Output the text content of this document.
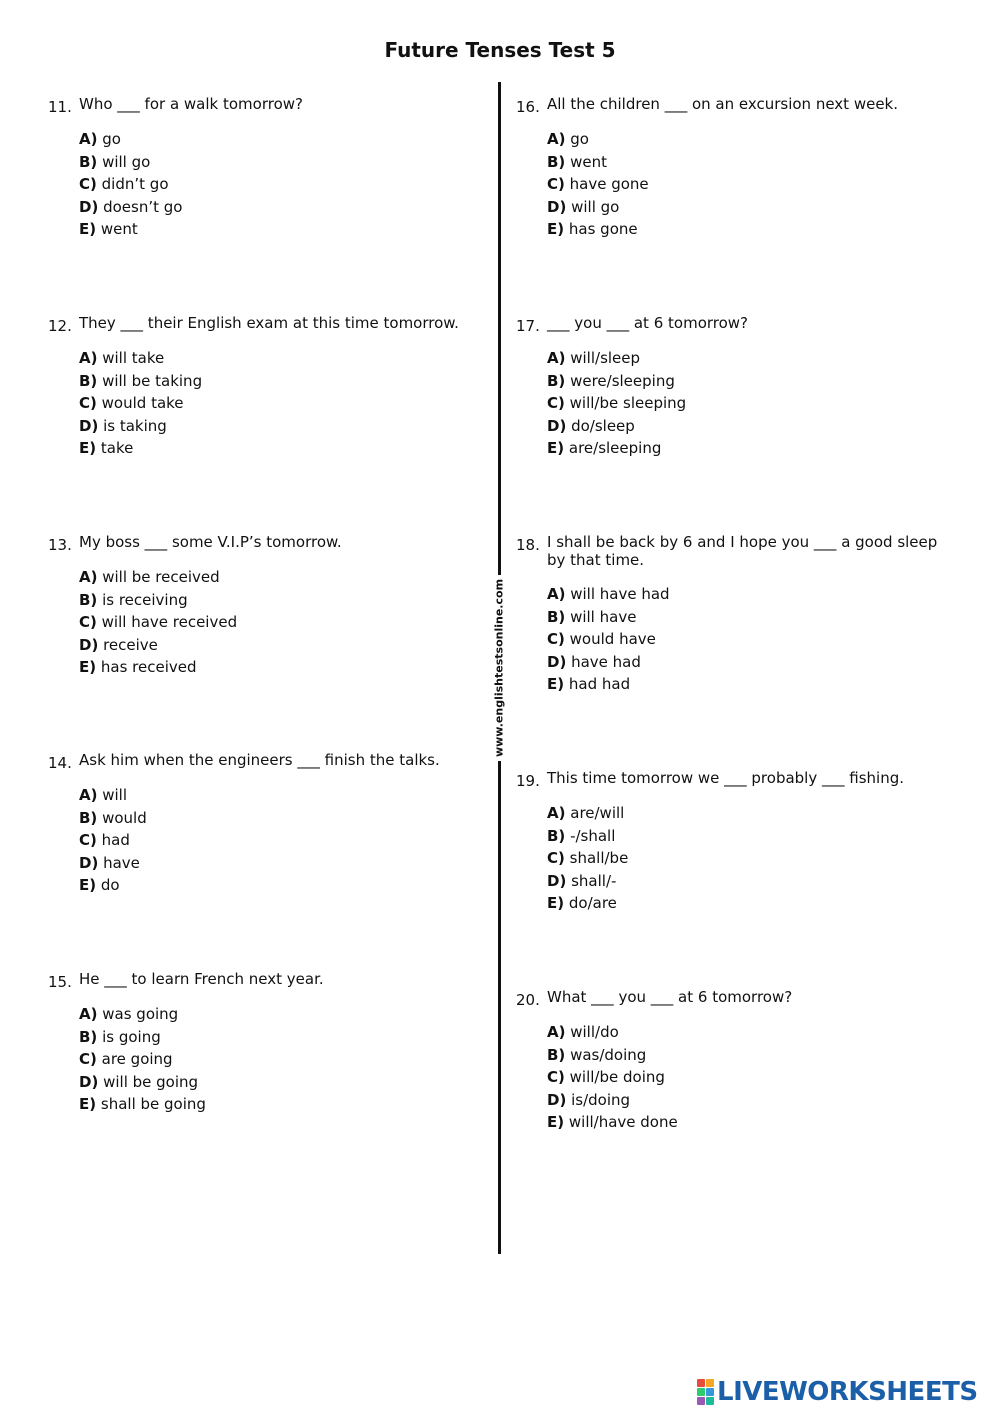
Future Tenses Test 5
www.englishtestsonline.com
11. Who ___ for a walk tomorrow?
A) go
B) will go
C) didn’t go
D) doesn’t go
E) went
12. They ___ their English exam at this time tomorrow.
A) will take
B) will be taking
C) would take
D) is taking
E) take
13. My boss ___ some V.I.P’s tomorrow.
A) will be received
B) is receiving
C) will have received
D) receive
E) has received
14. Ask him when the engineers ___ finish the talks.
A) will
B) would
C) had
D) have
E) do
15. He ___ to learn French next year.
A) was going
B) is going
C) are going
D) will be going
E) shall be going
16. All the children ___ on an excursion next week.
A) go
B) went
C) have gone
D) will go
E) has gone
17. ___ you ___ at 6 tomorrow?
A) will/sleep
B) were/sleeping
C) will/be sleeping
D) do/sleep
E) are/sleeping
18. I shall be back by 6 and I hope you ___ a good sleep by that time.
A) will have had
B) will have
C) would have
D) have had
E) had had
19. This time tomorrow we ___ probably ___ fishing.
A) are/will
B) -/shall
C) shall/be
D) shall/-
E) do/are
20. What ___ you ___ at 6 tomorrow?
A) will/do
B) was/doing
C) will/be doing
D) is/doing
E) will/have done
LIVEWORKSHEETS
